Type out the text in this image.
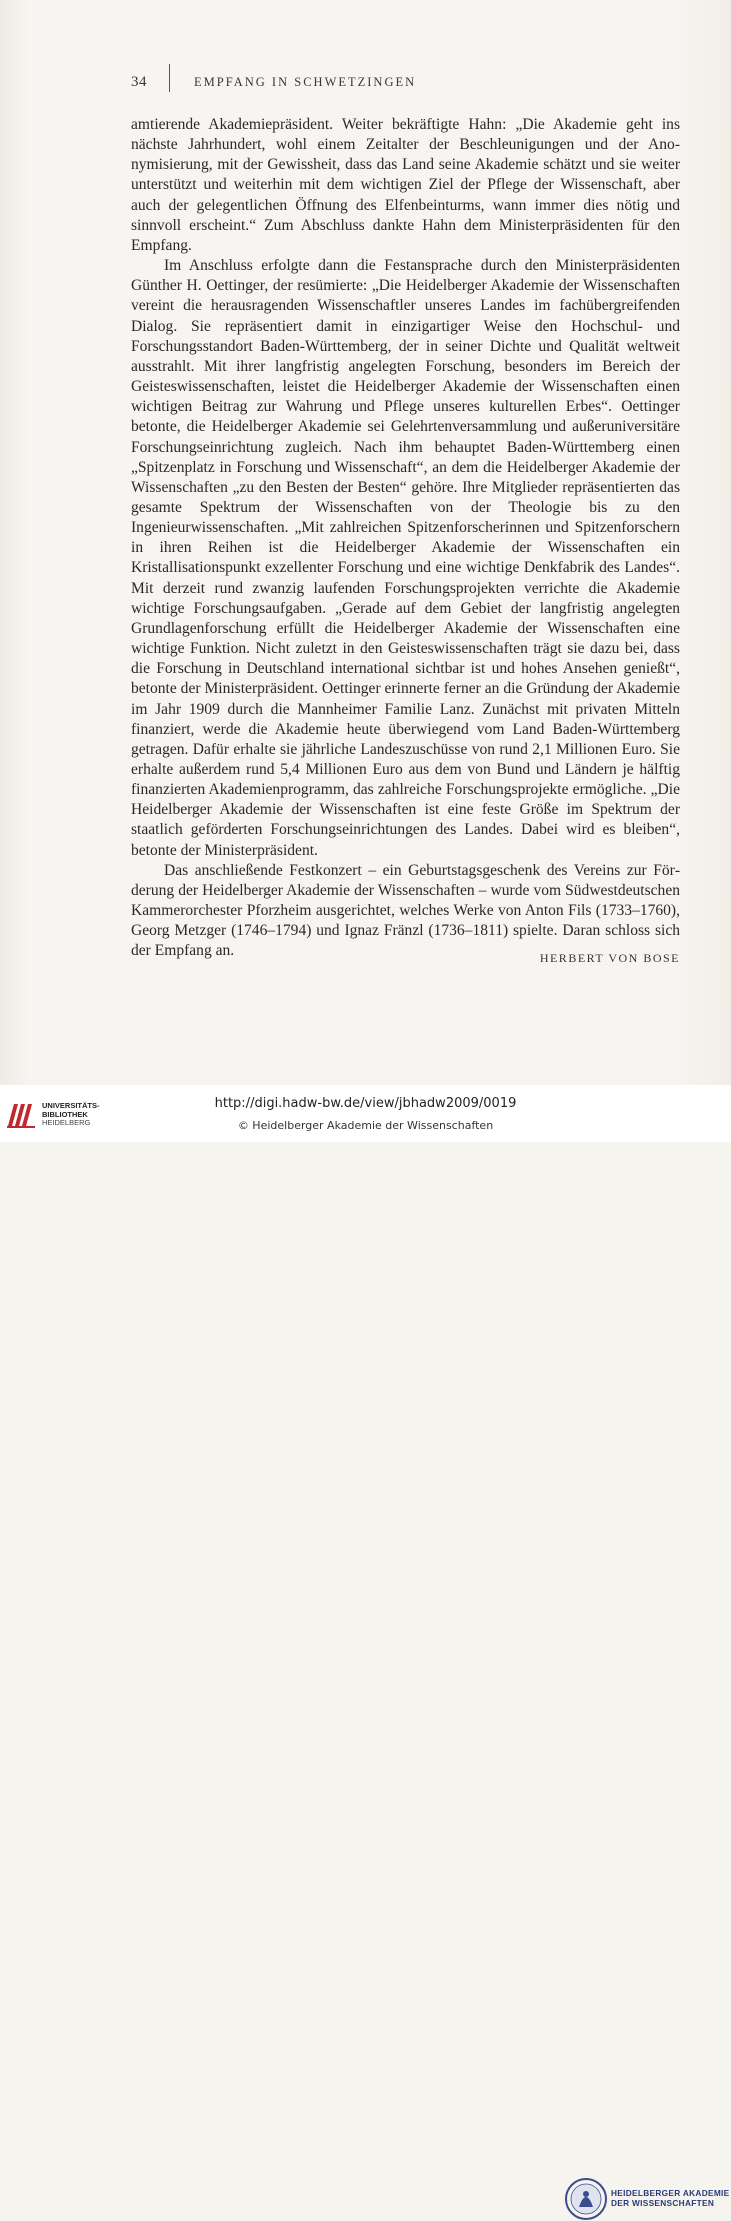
34	EMPFANG IN SCHWETZINGEN

amtierende Akademiepräsident. Weiter bekräftigte Hahn: „Die Akademie geht ins nächste Jahrhundert, wohl einem Zeitalter der Beschleunigungen und der Anonymisierung, mit der Gewissheit, dass das Land seine Akademie schätzt und sie weiter unterstützt und weiterhin mit dem wichtigen Ziel der Pflege der Wissenschaft, aber auch der gelegentlichen Öffnung des Elfenbeinturms, wann immer dies nötig und sinnvoll erscheint.“ Zum Abschluss dankte Hahn dem Ministerpräsidenten für den Empfang.

Im Anschluss erfolgte dann die Festansprache durch den Ministerpräsidenten Günther H. Oettinger, der resümierte: „Die Heidelberger Akademie der Wissenschaften vereint die herausragenden Wissenschaftler unseres Landes im fachübergreifenden Dialog. Sie repräsentiert damit in einzigartiger Weise den Hochschul- und Forschungsstandort Baden-Württemberg, der in seiner Dichte und Qualität weltweit ausstrahlt. Mit ihrer langfristig angelegten Forschung, besonders im Bereich der Geisteswissenschaften, leistet die Heidelberger Akademie der Wissenschaften einen wichtigen Beitrag zur Wahrung und Pflege unseres kulturellen Erbes“. Oettinger betonte, die Heidelberger Akademie sei Gelehrtenversammlung und außeruniversitäre Forschungseinrichtung zugleich. Nach ihm behauptet Baden-Württemberg einen „Spitzenplatz in Forschung und Wissenschaft“, an dem die Heidelberger Akademie der Wissenschaften „zu den Besten der Besten“ gehöre. Ihre Mitglieder repräsentierten das gesamte Spektrum der Wissenschaften von der Theologie bis zu den Ingenieurwissenschaften. „Mit zahlreichen Spitzenforscherinnen und Spitzenforschern in ihren Reihen ist die Heidelberger Akademie der Wissenschaften ein Kristallisationspunkt exzellenter Forschung und eine wichtige Denkfabrik des Landes“. Mit derzeit rund zwanzig laufenden Forschungsprojekten verrichte die Akademie wichtige Forschungsaufgaben. „Gerade auf dem Gebiet der langfristig angelegten Grundlagenforschung erfüllt die Heidelberger Akademie der Wissenschaften eine wichtige Funktion. Nicht zuletzt in den Geisteswissenschaften trägt sie dazu bei, dass die Forschung in Deutschland international sichtbar ist und hohes Ansehen genießt“, betonte der Ministerpräsident. Oettinger erinnerte ferner an die Gründung der Akademie im Jahr 1909 durch die Mannheimer Familie Lanz. Zunächst mit privaten Mitteln finanziert, werde die Akademie heute überwiegend vom Land Baden-Württemberg getragen. Dafür erhalte sie jährliche Landeszuschüsse von rund 2,1 Millionen Euro. Sie erhalte außerdem rund 5,4 Millionen Euro aus dem von Bund und Ländern je hälftig finanzierten Akademienprogramm, das zahlreiche Forschungsprojekte ermögliche. „Die Heidelberger Akademie der Wissenschaften ist eine feste Größe im Spektrum der staatlich geförderten Forschungseinrichtungen des Landes. Dabei wird es bleiben“, betonte der Ministerpräsident.

Das anschließende Festkonzert – ein Geburtstagsgeschenk des Vereins zur Förderung der Heidelberger Akademie der Wissenschaften – wurde vom Südwestdeutschen Kammerorchester Pforzheim ausgerichtet, welches Werke von Anton Fils (1733–1760), Georg Metzger (1746–1794) und Ignaz Fränzl (1736–1811) spielte. Daran schloss sich der Empfang an.	HERBERT VON BOSE
UNIVERSITÄTS-
BIBLIOTHEK
HEIDELBERG
HEIDELBERGER AKADEMIE
DER WISSENSCHAFTEN
http://digi.hadw-bw.de/view/jbhadw2009/0019
© Heidelberger Akademie der Wissenschaften
